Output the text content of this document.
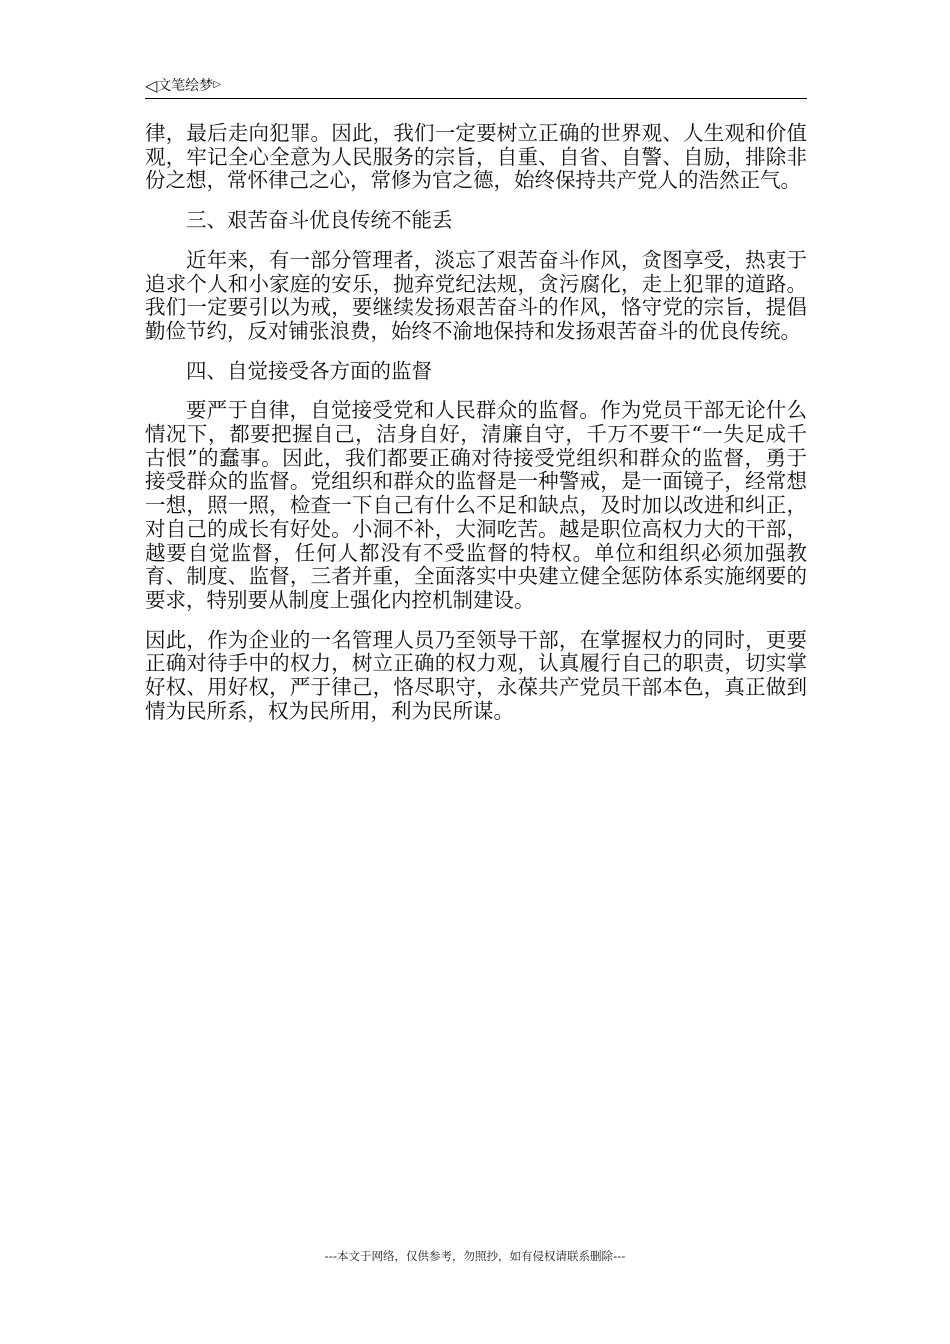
◁文笔绘梦▷

律，最后走向犯罪。因此，我们一定要树立正确的世界观、人生观和价值观，牢记全心全意为人民服务的宗旨，自重、自省、自警、自励，排除非份之想，常怀律己之心，常修为官之德，始终保持共产党人的浩然正气。

三、艰苦奋斗优良传统不能丢

近年来，有一部分管理者，淡忘了艰苦奋斗作风，贪图享受，热衷于追求个人和小家庭的安乐，抛弃党纪法规，贪污腐化，走上犯罪的道路。我们一定要引以为戒，要继续发扬艰苦奋斗的作风，恪守党的宗旨，提倡勤俭节约，反对铺张浪费，始终不渝地保持和发扬艰苦奋斗的优良传统。

四、自觉接受各方面的监督

要严于自律，自觉接受党和人民群众的监督。作为党员干部无论什么情况下，都要把握自己，洁身自好，清廉自守，千万不要干“一失足成千古恨”的蠢事。因此，我们都要正确对待接受党组织和群众的监督，勇于接受群众的监督。党组织和群众的监督是一种警戒，是一面镜子，经常想一想，照一照，检查一下自己有什么不足和缺点，及时加以改进和纠正，对自己的成长有好处。小洞不补，大洞吃苦。越是职位高权力大的干部，越要自觉监督，任何人都没有不受监督的特权。单位和组织必须加强教育、制度、监督，三者并重，全面落实中央建立健全惩防体系实施纲要的要求，特别要从制度上强化内控机制建设。

因此，作为企业的一名管理人员乃至领导干部，在掌握权力的同时，更要正确对待手中的权力，树立正确的权力观，认真履行自己的职责，切实掌好权、用好权，严于律己，恪尽职守，永葆共产党员干部本色，真正做到情为民所系，权为民所用，利为民所谋。

---本文于网络，仅供参考，勿照抄，如有侵权请联系删除---
